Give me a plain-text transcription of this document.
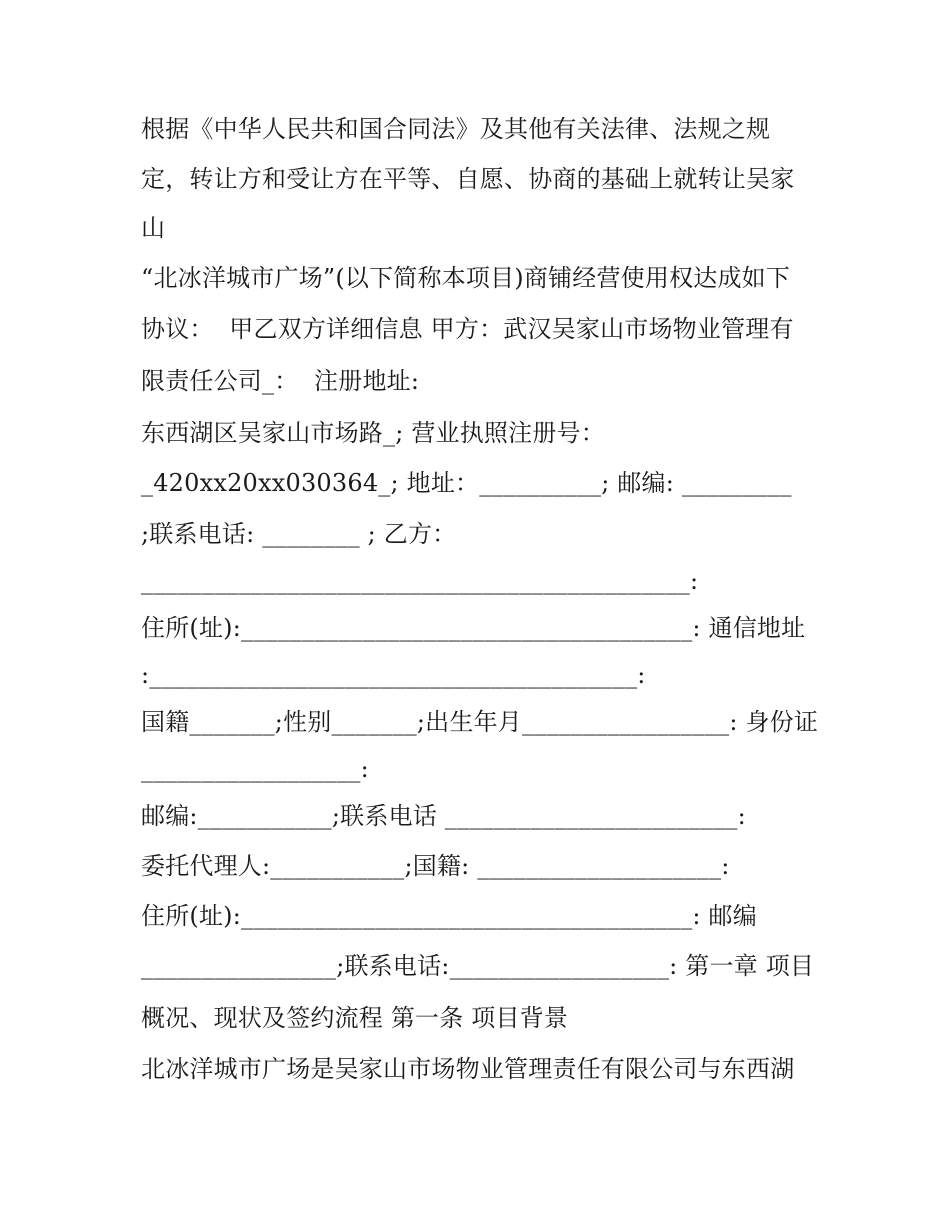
根据《中华人民共和国合同法》及其他有关法律、法规之规
定，转让方和受让方在平等、自愿、协商的基础上就转让吴家
山
“北冰洋城市广场”(以下简称本项目)商铺经营使用权达成如下
协议：  甲乙双方详细信息 甲方：武汉吴家山市场物业管理有
限责任公司_：  注册地址:
东西湖区吴家山市场路_; 营业执照注册号：
_420xx20xx030364_; 地址：__________; 邮编: _________
;联系电话: ________ ; 乙方：
_____________________________________________:
住所(址):_____________________________________: 通信地址
:________________________________________:
国籍_______;性别_______;出生年月_________________: 身份证
__________________:
邮编:___________;联系电话 ________________________:
委托代理人:___________;国籍: ____________________:
住所(址):_____________________________________: 邮编
________________;联系电话:__________________: 第一章 项目
概况、现状及签约流程 第一条 项目背景
北冰洋城市广场是吴家山市场物业管理责任有限公司与东西湖
